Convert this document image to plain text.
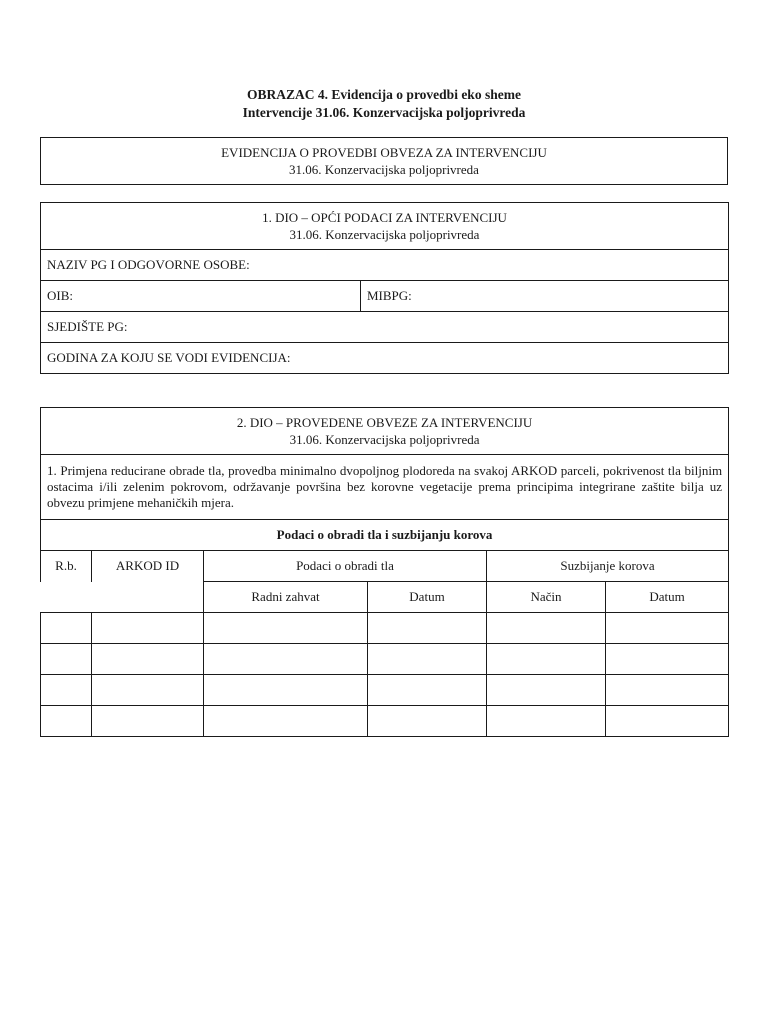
OBRAZAC 4. Evidencija o provedbi eko sheme
Intervencije 31.06. Konzervacijska poljoprivreda
EVIDENCIJA O PROVEDBI OBVEZA ZA INTERVENCIJU
31.06. Konzervacijska poljoprivreda
1. DIO – OPĆI PODACI ZA INTERVENCIJU
31.06. Konzervacijska poljoprivreda

NAZIV PG I ODGOVORNE OSOBE:
OIB:	MIBPG:
SJEDIŠTE PG:
GODINA ZA KOJU SE VODI EVIDENCIJA:
2. DIO – PROVEDENE OBVEZE ZA INTERVENCIJU
31.06. Konzervacijska poljoprivreda					

1. Primjena reducirane obrade tla, provedba minimalno dvopoljnog plodoreda na svakoj ARKOD parceli, pokrivenost tla biljnim ostacima i/ili zelenim pokrovom, održavanje površina bez korovne vegetacije prema principima integrirane zaštite bilja uz obvezu primjene mehaničkih mjera.					
Podaci o obradi tla i suzbijanju korova					
R.b.	ARKOD ID	Podaci o obradi tla		Suzbijanje korova	
		Radni zahvat	Datum	Način	Datum
